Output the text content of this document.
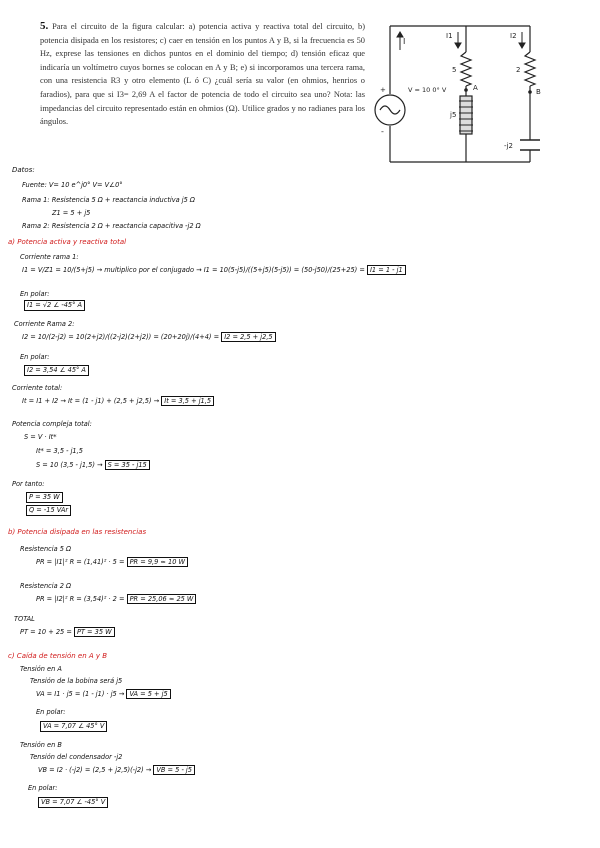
5. Para el circuito de la figura calcular: a) potencia activa y reactiva total del circuito, b) potencia disipada en los resistores; c) caer en tensión en los puntos A y B, si la frecuencia es 50 Hz, exprese las tensiones en dichos puntos en el dominio del tiempo; d) tensión eficaz que indicaría un voltímetro cuyos bornes se colocan en A y B; e) si incorporamos una tercera rama, con una resistencia R3 y otro elemento (L ó C) ¿cuál sería su valor (en ohmios, henrios o faradios), para que si I3= 2,69 A el factor de potencia de todo el circuito sea uno? Nota: las impedancias del circuito representado están en ohmios (Ω). Utilice grados y no radianes para los ángulos.
I
I1	I2
V = 10 0° V
+
-
5
j5
A
2
B
-j2
Datos:
Fuente: V= 10 e^j0° V= V∠0°
Rama 1: Resistencia 5 Ω + reactancia inductiva j5 Ω
Z1 = 5 + j5
Rama 2: Resistencia 2 Ω + reactancia capacitiva -j2 Ω
a) Potencia activa y reactiva total
Corriente rama 1:
I1 = V/Z1 = 10/(5+j5) → multiplico por el conjugado → I1 = 10(5-j5)/((5+j5)(5-j5)) = (50-j50)/(25+25) = I1 = 1 - j1
En polar:
I1 = √2 ∠ -45° A
Corriente Rama 2:
I2 = 10/(2-j2) = 10(2+j2)/((2-j2)(2+j2)) = (20+20j)/(4+4) = I2 = 2,5 + j2,5
En polar:
I2 = 3,54 ∠ 45° A
Corriente total:
It = I1 + I2 → It = (1 - j1) + (2,5 + j2,5) → It = 3,5 + j1,5
Potencia compleja total:
S = V · It*
It* = 3,5 - j1,5
S = 10 (3,5 - j1,5) → S = 35 - j15
Por tanto:
P = 35 W
Q = -15 VAr
b) Potencia disipada en las resistencias
Resistencia 5 Ω
PR = |I1|² R = (1,41)² · 5 = PR = 9,9 ≈ 10 W
Resistencia 2 Ω
PR = |I2|² R = (3,54)² · 2 = PR = 25,06 ≈ 25 W
TOTAL
PT = 10 + 25 = PT = 35 W
c) Caída de tensión en A y B
Tensión en A
Tensión de la bobina será j5
VA = I1 · j5 = (1 - j1) · j5 → VA = 5 + j5
En polar:
VA = 7,07 ∠ 45° V
Tensión en B
Tensión del condensador -j2
VB = I2 · (-j2) = (2,5 + j2,5)(-j2) → VB = 5 - j5
En polar:
VB = 7,07 ∠ -45° V
